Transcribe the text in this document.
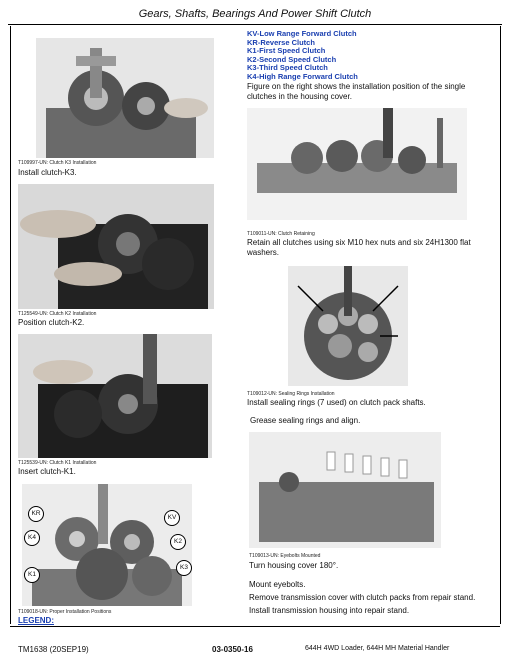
Gears, Shafts, Bearings And Power Shift Clutch
T109997-UN: Clutch K3 Installation
Install clutch-K3.
T125549-UN: Clutch K2 Installation
Position clutch-K2.
T125539-UN: Clutch K1 Installation
Insert clutch-K1.
KR
KV
K4
K2
K1
K3
T109018-UN: Proper Installation Positions
LEGEND:
KV-Low Range Forward Clutch
KR-Reverse Clutch
K1-First Speed Clutch
K2-Second Speed Clutch
K3-Third Speed Clutch
K4-High Range Forward Clutch
Figure on the right shows the installation position of the single clutches in the housing cover.
T109011-UN: Clutch Retaining
Retain all clutches using six M10 hex nuts and six 24H1300 flat washers.
T109012-UN: Sealing Rings Installation
Install sealing rings (7 used) on clutch pack shafts.
Grease sealing rings and align.
T109013-UN: Eyebolts Mounted
Turn housing cover 180°.
Mount eyebolts.
Remove transmission cover with clutch packs from repair stand.
Install transmission housing into repair stand.
TM1638 (20SEP19)	03-0350-16	644H 4WD Loader, 644H MH Material Handler
